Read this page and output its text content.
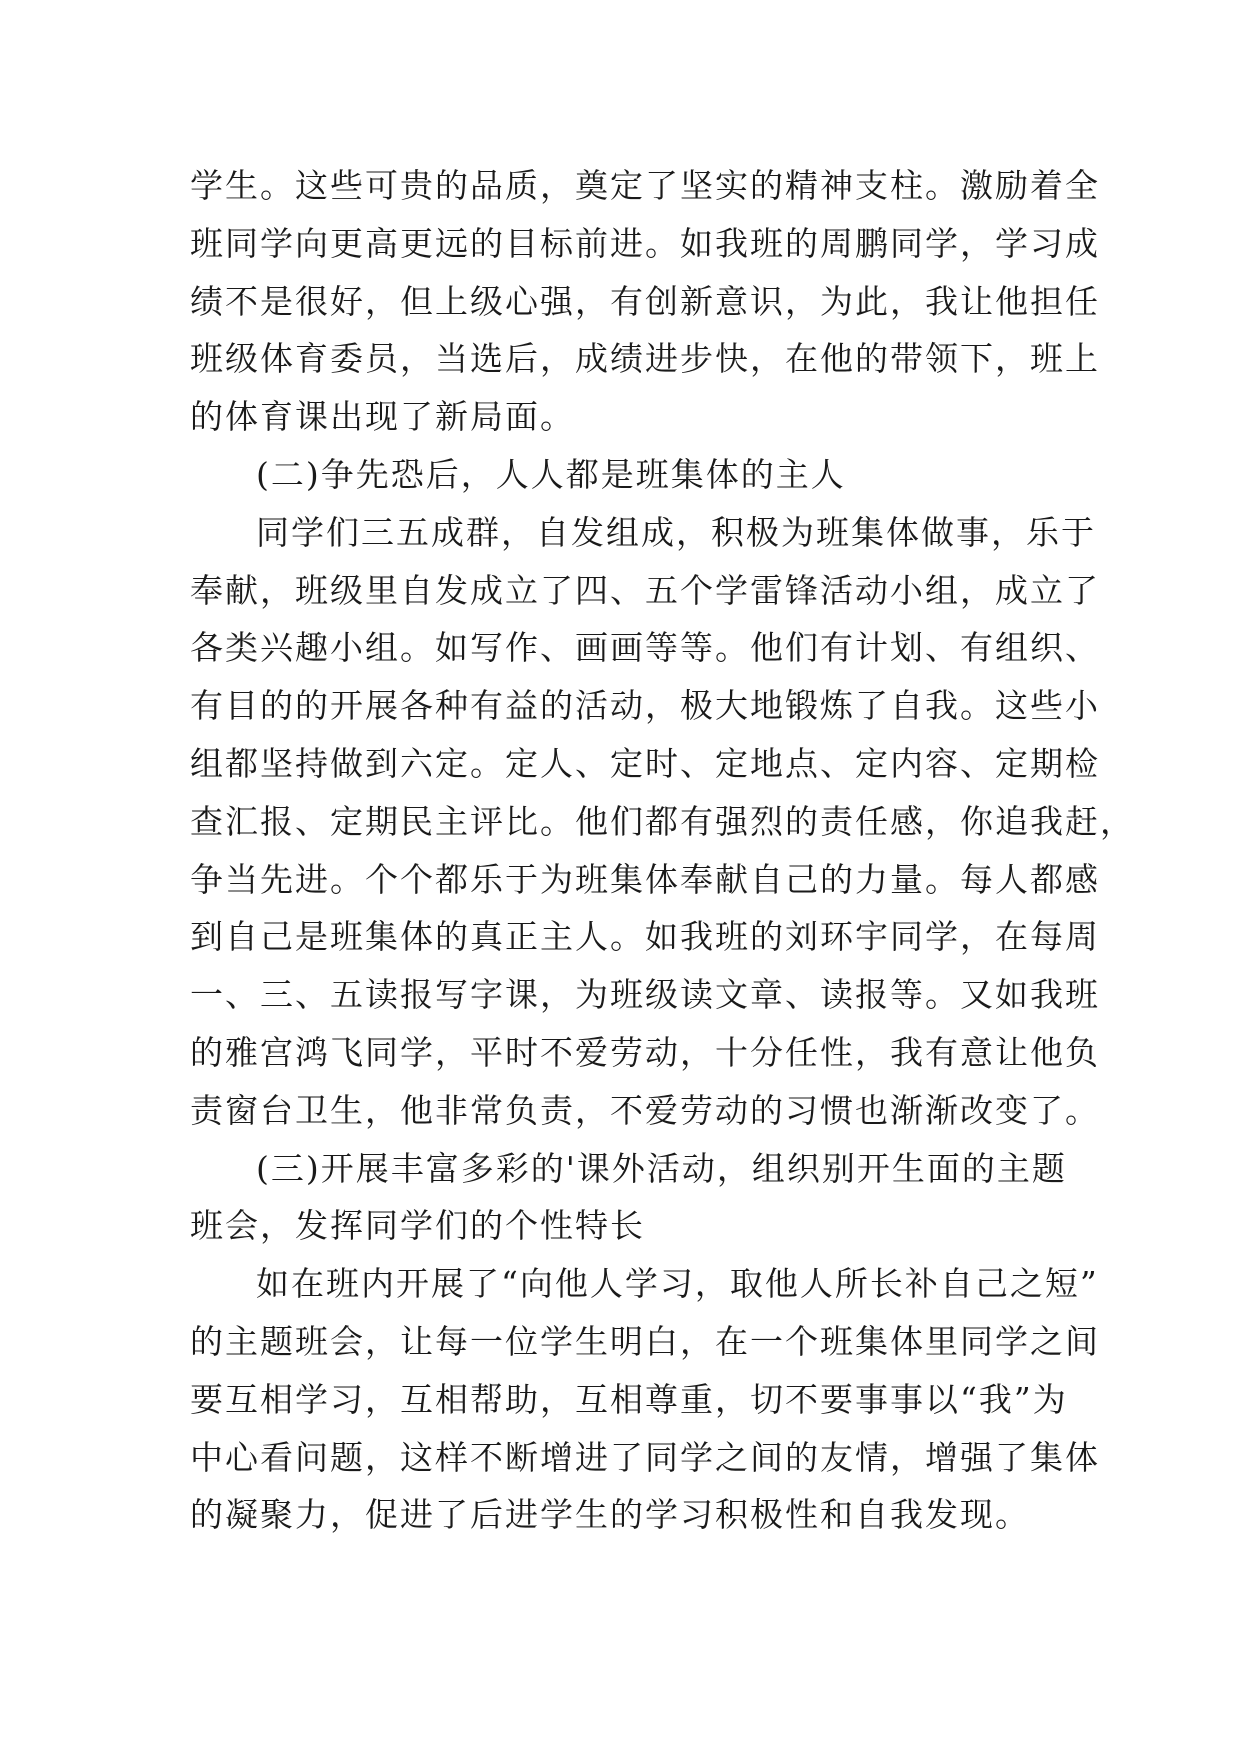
学生。这些可贵的品质，奠定了坚实的精神支柱。激励着全

班同学向更高更远的目标前进。如我班的周鹏同学，学习成

绩不是很好，但上级心强，有创新意识，为此，我让他担任

班级体育委员，当选后，成绩进步快，在他的带领下，班上

的体育课出现了新局面。

(二)争先恐后，人人都是班集体的主人

同学们三五成群，自发组成，积极为班集体做事，乐于

奉献，班级里自发成立了四、五个学雷锋活动小组，成立了

各类兴趣小组。如写作、画画等等。他们有计划、有组织、

有目的的开展各种有益的活动，极大地锻炼了自我。这些小

组都坚持做到六定。定人、定时、定地点、定内容、定期检

查汇报、定期民主评比。他们都有强烈的责任感，你追我赶，

争当先进。个个都乐于为班集体奉献自己的力量。每人都感

到自己是班集体的真正主人。如我班的刘环宇同学，在每周

一、三、五读报写字课，为班级读文章、读报等。又如我班

的雅宫鸿飞同学，平时不爱劳动，十分任性，我有意让他负

责窗台卫生，他非常负责，不爱劳动的习惯也渐渐改变了。

(三)开展丰富多彩的'课外活动，组织别开生面的主题

班会，发挥同学们的个性特长

如在班内开展了“向他人学习，取他人所长补自己之短”

的主题班会，让每一位学生明白，在一个班集体里同学之间

要互相学习，互相帮助，互相尊重，切不要事事以“我”为

中心看问题，这样不断增进了同学之间的友情，增强了集体

的凝聚力，促进了后进学生的学习积极性和自我发现。
